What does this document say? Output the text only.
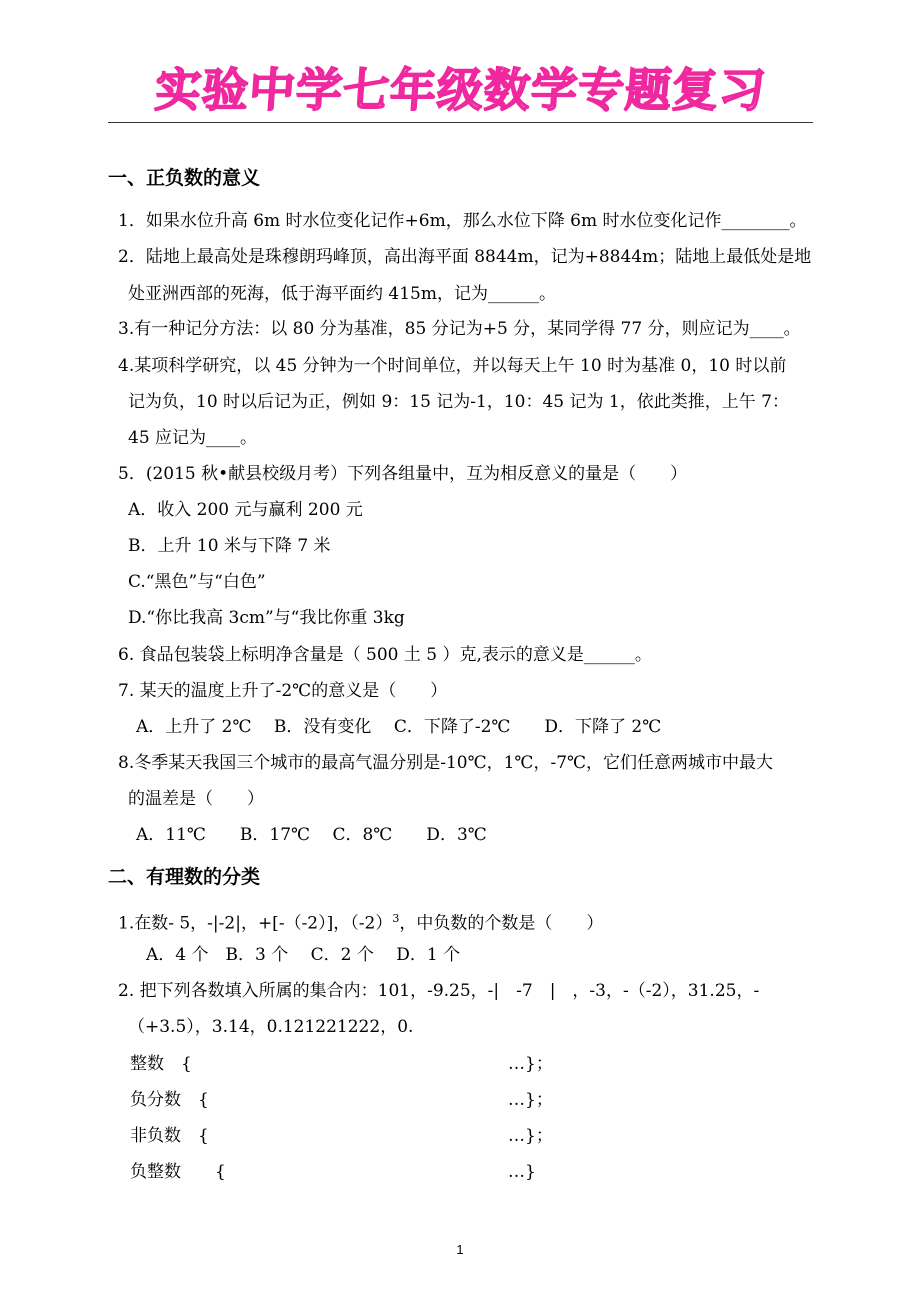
实验中学七年级数学专题复习
一、正负数的意义
1．如果水位升高 6m 时水位变化记作+6m，那么水位下降 6m 时水位变化记作________。
2．陆地上最高处是珠穆朗玛峰顶，高出海平面 8844m，记为+8844m；陆地上最低处是地
处亚洲西部的死海，低于海平面约 415m，记为______。
3.有一种记分方法：以 80 分为基准，85 分记为+5 分，某同学得 77 分，则应记为____。
4.某项科学研究，以 45 分钟为一个时间单位，并以每天上午 10 时为基准 0，10 时以前
记为负，10 时以后记为正，例如 9：15 记为-1，10：45 记为 1，依此类推，上午 7：
45 应记为____。
5．(2015 秋•献县校级月考）下列各组量中，互为相反意义的量是（　　）
A．收入 200 元与赢利 200 元
B．上升 10 米与下降 7 米
C.“黑色”与“白色”
D.“你比我高 3cm”与“我比你重 3kg
6. 食品包装袋上标明净含量是（ 500 土 5 ）克,表示的意义是______。
7. 某天的温度上升了-2℃的意义是（　　）
A．上升了 2℃　 B．没有变化　 C．下降了-2℃　　D．下降了 2℃
8.冬季某天我国三个城市的最高气温分别是-10℃，1℃，-7℃，它们任意两城市中最大
的温差是（　　）
A．11℃　　B．17℃　 C．8℃　　D．3℃
二、有理数的分类
1.在数- 5，-|-2|，+[-（-2）]，$(-2)^3$，中负数的个数是（　　）
A．4 个　B．3 个　 C．2 个　 D．1 个
2. 把下列各数填入所属的集合内：101，-9.25，-|　-7　|　，-3，-（-2），31.25，-
（+3.5），3.14，0.121221222，0.
整数　{	…}；
负分数　{	…}；
非负数　{	…}；
负整数　　{	…}
1
